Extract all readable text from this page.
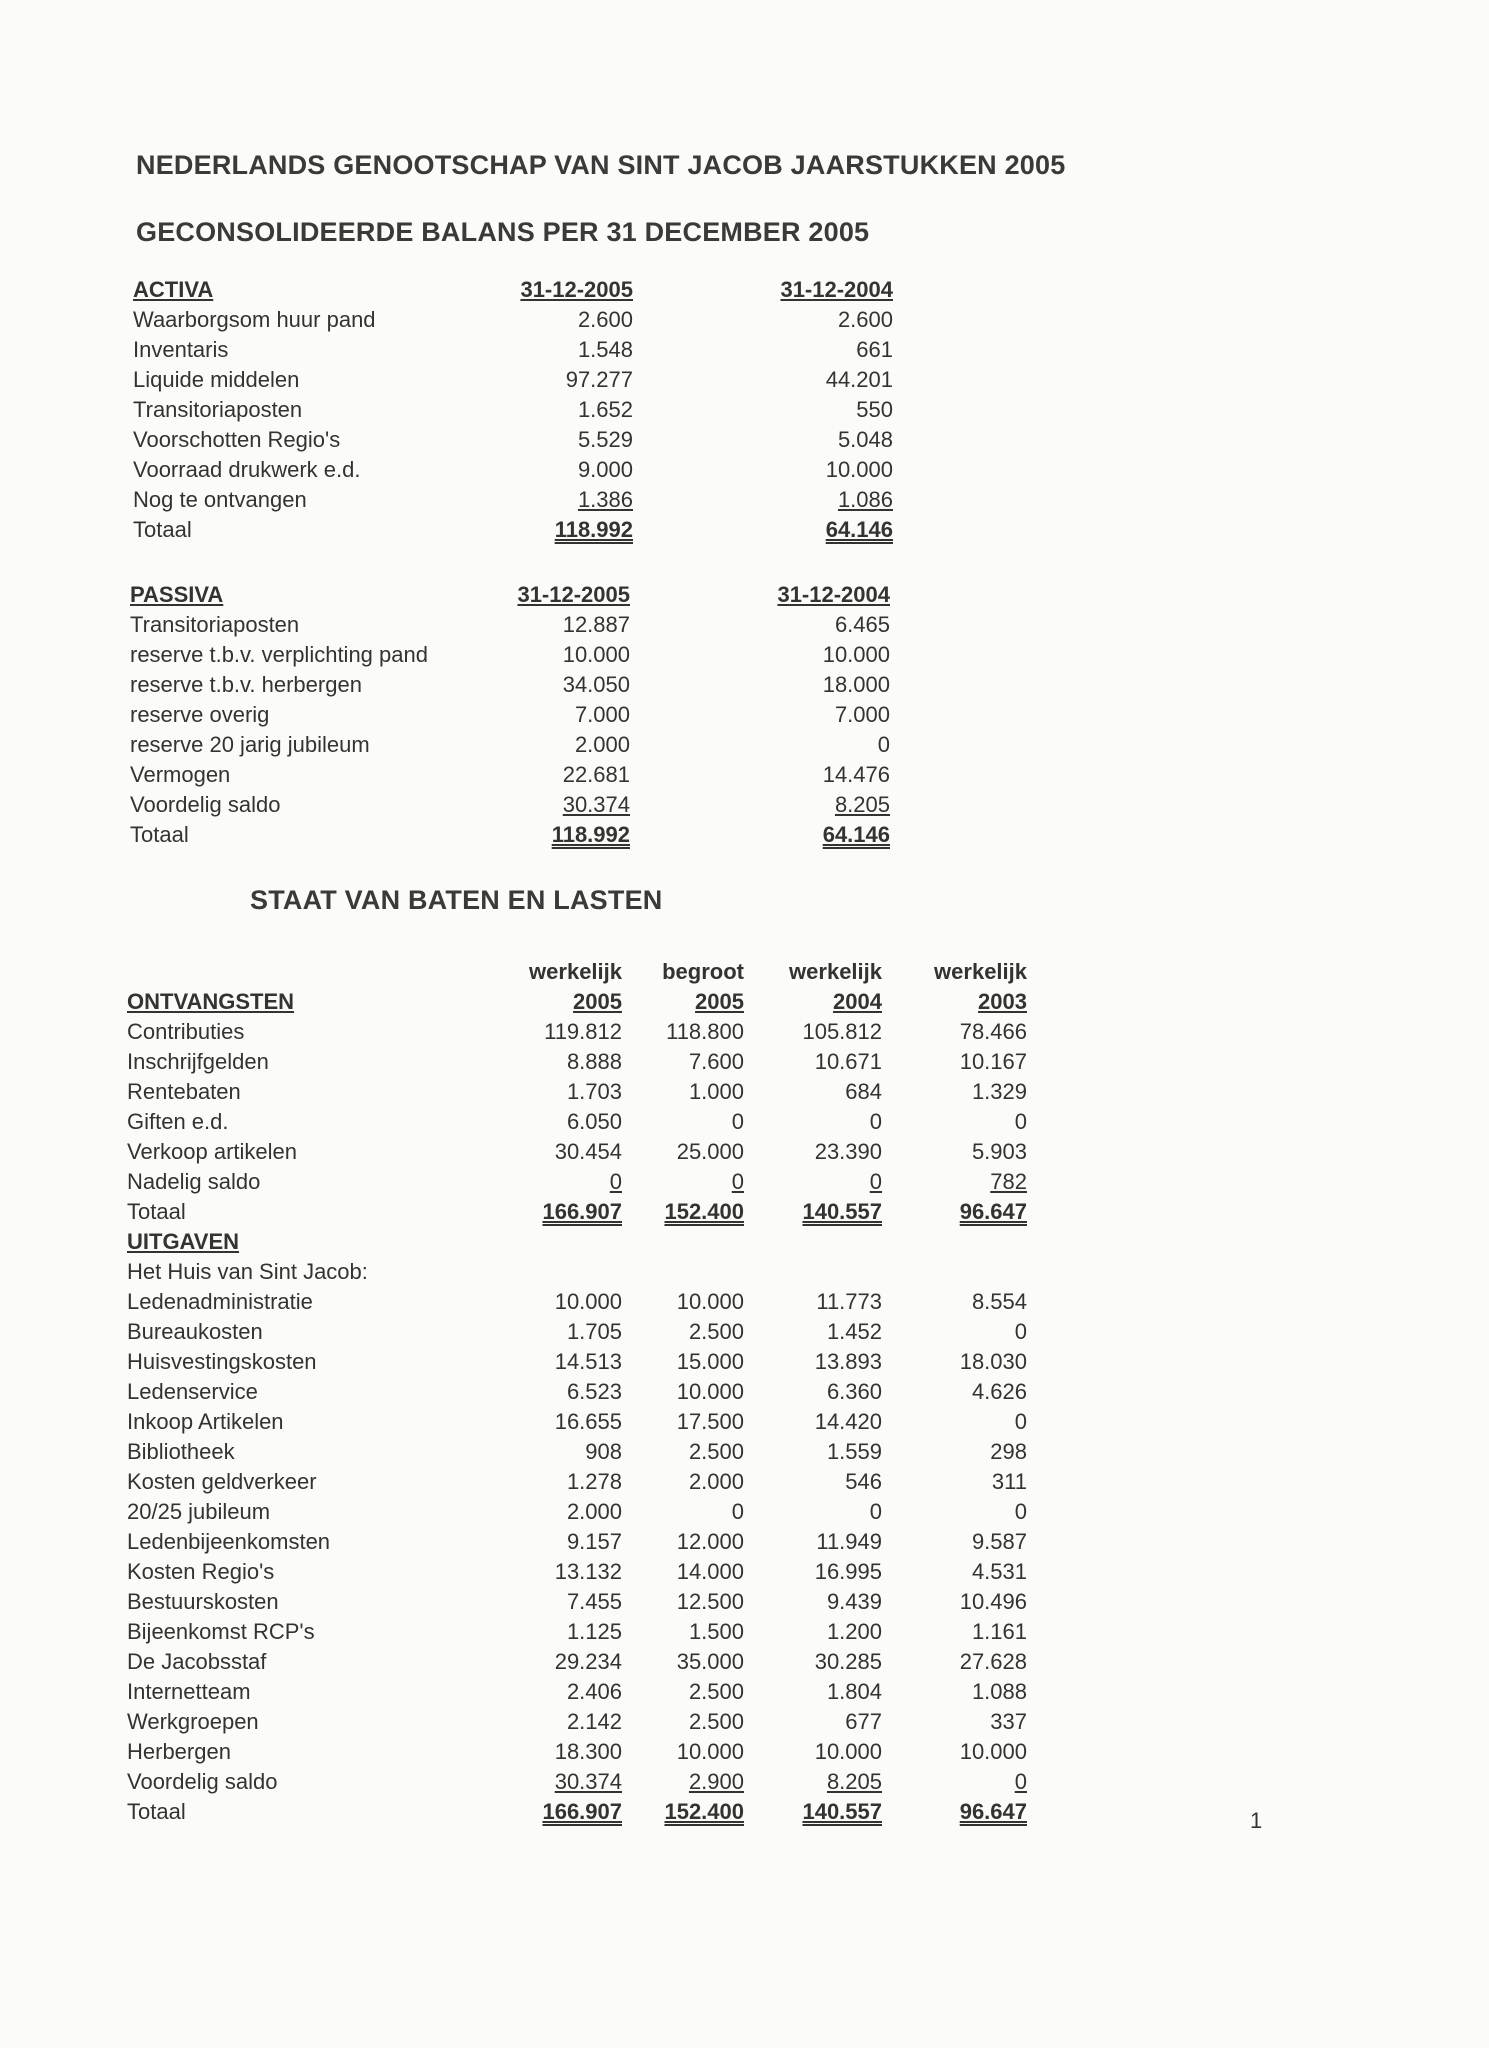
NEDERLANDS GENOOTSCHAP VAN SINT JACOB JAARSTUKKEN 2005
GECONSOLIDEERDE BALANS PER 31 DECEMBER 2005
ACTIVA	31-12-2005	31-12-2004
Waarborgsom huur pand	2.600	2.600
Inventaris	1.548	661
Liquide middelen	97.277	44.201
Transitoriaposten	1.652	550
Voorschotten Regio's	5.529	5.048
Voorraad drukwerk e.d.	9.000	10.000
Nog te ontvangen	1.386	1.086
Totaal	118.992	64.146
PASSIVA	31-12-2005	31-12-2004
Transitoriaposten	12.887	6.465
reserve t.b.v. verplichting pand	10.000	10.000
reserve t.b.v. herbergen	34.050	18.000
reserve overig	7.000	7.000
reserve 20 jarig jubileum	2.000	0
Vermogen	22.681	14.476
Voordelig saldo	30.374	8.205
Totaal	118.992	64.146
STAAT VAN BATEN EN LASTEN
	werkelijk	begroot	werkelijk	werkelijk
ONTVANGSTEN	2005	2005	2004	2003
Contributies	119.812	118.800	105.812	78.466
Inschrijfgelden	8.888	7.600	10.671	10.167
Rentebaten	1.703	1.000	684	1.329
Giften e.d.	6.050	0	0	0
Verkoop artikelen	30.454	25.000	23.390	5.903
Nadelig saldo	0	0	0	782
Totaal	166.907	152.400	140.557	96.647
UITGAVEN				
Het Huis van Sint Jacob:				
Ledenadministratie	10.000	10.000	11.773	8.554
Bureaukosten	1.705	2.500	1.452	0
Huisvestingskosten	14.513	15.000	13.893	18.030
Ledenservice	6.523	10.000	6.360	4.626
Inkoop Artikelen	16.655	17.500	14.420	0
Bibliotheek	908	2.500	1.559	298
Kosten geldverkeer	1.278	2.000	546	311
20/25 jubileum	2.000	0	0	0
Ledenbijeenkomsten	9.157	12.000	11.949	9.587
Kosten Regio's	13.132	14.000	16.995	4.531
Bestuurskosten	7.455	12.500	9.439	10.496
Bijeenkomst RCP's	1.125	1.500	1.200	1.161
De Jacobsstaf	29.234	35.000	30.285	27.628
Internetteam	2.406	2.500	1.804	1.088
Werkgroepen	2.142	2.500	677	337
Herbergen	18.300	10.000	10.000	10.000
Voordelig saldo	30.374	2.900	8.205	0
Totaal	166.907	152.400	140.557	96.647	1
